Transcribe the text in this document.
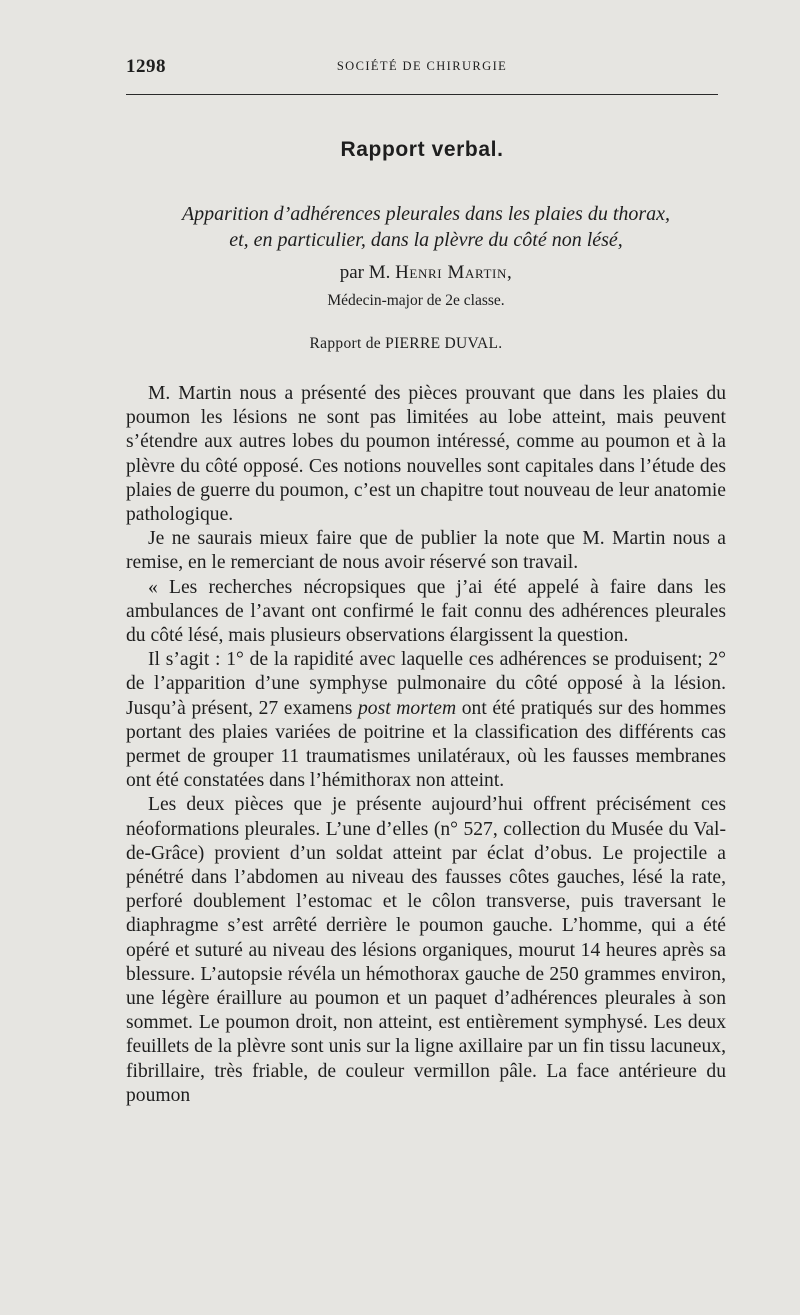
1298	SOCIÉTÉ DE CHIRURGIE
Rapport verbal.
Apparition d’adhérences pleurales dans les plaies du thorax,
et, en particulier, dans la plèvre du côté non lésé,
par M. Henri Martin,
Médecin-major de 2e classe.
Rapport de PIERRE DUVAL.

M. Martin nous a présenté des pièces prouvant que dans les plaies du poumon les lésions ne sont pas limitées au lobe atteint, mais peuvent s’étendre aux autres lobes du poumon intéressé, comme au poumon et à la plèvre du côté opposé. Ces notions nouvelles sont capitales dans l’étude des plaies de guerre du poumon, c’est un chapitre tout nouveau de leur anatomie pathologique.

Je ne saurais mieux faire que de publier la note que M. Martin nous a remise, en le remerciant de nous avoir réservé son travail.

« Les recherches nécropsiques que j’ai été appelé à faire dans les ambulances de l’avant ont confirmé le fait connu des adhérences pleurales du côté lésé, mais plusieurs observations élargissent la question.

Il s’agit : 1° de la rapidité avec laquelle ces adhérences se produisent; 2° de l’apparition d’une symphyse pulmonaire du côté opposé à la lésion. Jusqu’à présent, 27 examens post mortem ont été pratiqués sur des hommes portant des plaies variées de poitrine et la classification des différents cas permet de grouper 11 traumatismes unilatéraux, où les fausses membranes ont été constatées dans l’hémithorax non atteint.

Les deux pièces que je présente aujourd’hui offrent précisément ces néoformations pleurales. L’une d’elles (n° 527, collection du Musée du Val-de-Grâce) provient d’un soldat atteint par éclat d’obus. Le projectile a pénétré dans l’abdomen au niveau des fausses côtes gauches, lésé la rate, perforé doublement l’estomac et le côlon transverse, puis traversant le diaphragme s’est arrêté derrière le poumon gauche. L’homme, qui a été opéré et suturé au niveau des lésions organiques, mourut 14 heures après sa blessure. L’autopsie révéla un hémothorax gauche de 250 grammes environ, une légère éraillure au poumon et un paquet d’adhérences pleurales à son sommet. Le poumon droit, non atteint, est entièrement symphysé. Les deux feuillets de la plèvre sont unis sur la ligne axillaire par un fin tissu lacuneux, fibrillaire, très friable, de couleur vermillon pâle. La face antérieure du poumon
